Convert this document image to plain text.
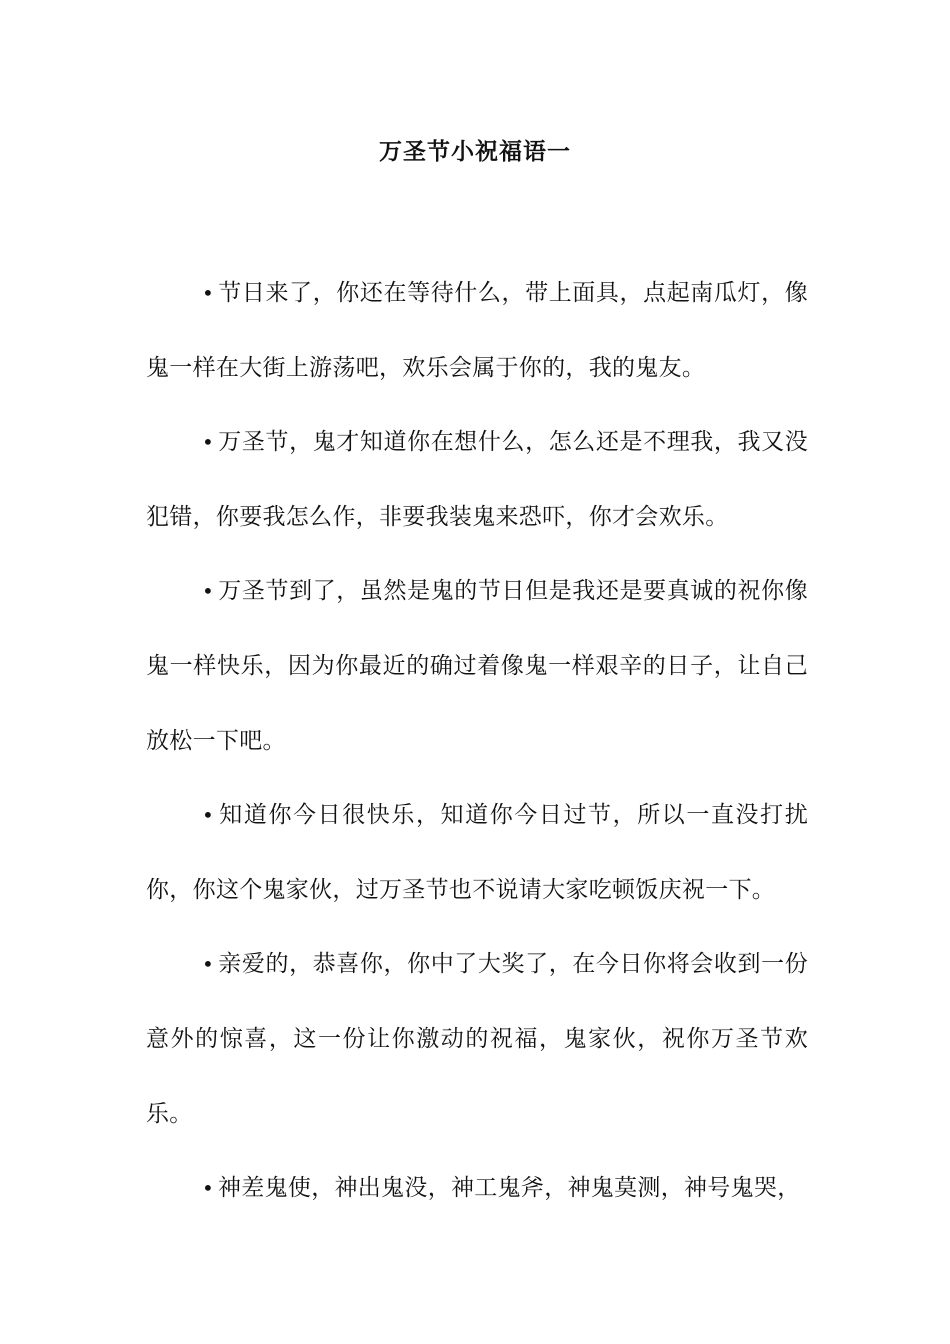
万圣节小祝福语一

• 节日来了，你还在等待什么，带上面具，点起南瓜灯，像鬼一样在大街上游荡吧，欢乐会属于你的，我的鬼友。

• 万圣节，鬼才知道你在想什么，怎么还是不理我，我又没犯错，你要我怎么作，非要我装鬼来恐吓，你才会欢乐。

• 万圣节到了，虽然是鬼的节日但是我还是要真诚的祝你像鬼一样快乐，因为你最近的确过着像鬼一样艰辛的日子，让自己放松一下吧。

• 知道你今日很快乐，知道你今日过节，所以一直没打扰你，你这个鬼家伙，过万圣节也不说请大家吃顿饭庆祝一下。

• 亲爱的，恭喜你，你中了大奖了，在今日你将会收到一份意外的惊喜，这一份让你激动的祝福，鬼家伙，祝你万圣节欢乐。

• 神差鬼使，神出鬼没，神工鬼斧，神鬼莫测，神号鬼哭，
